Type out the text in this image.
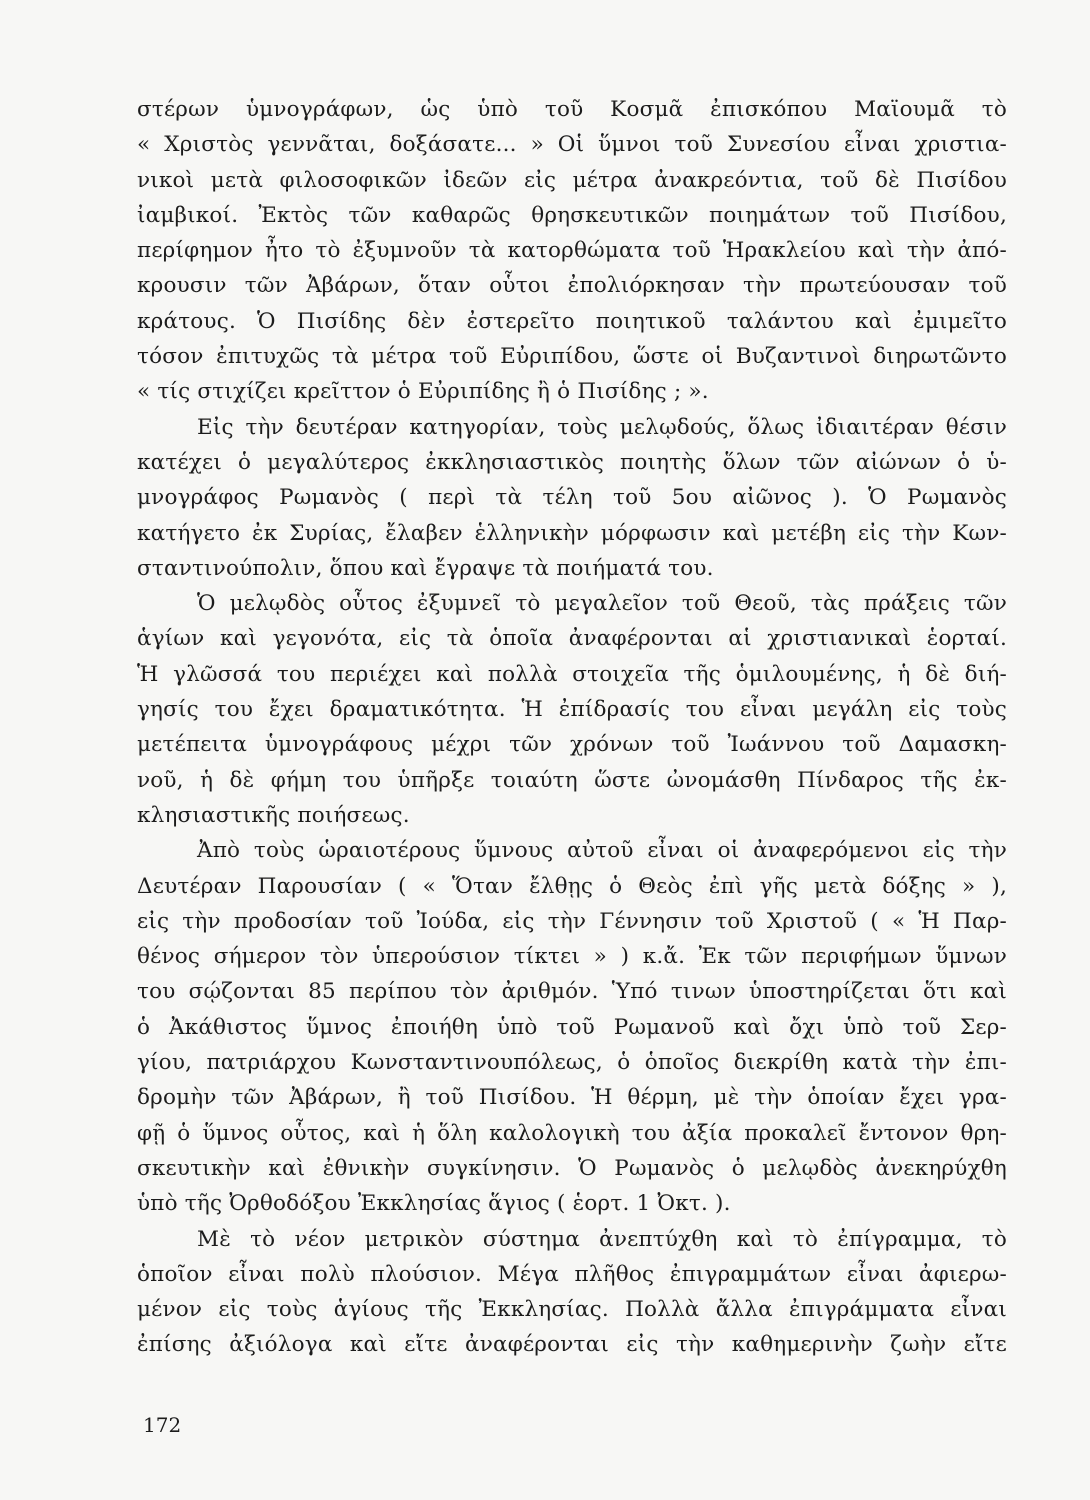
στέρων ὑμνογράφων, ὡς ὑπὸ τοῦ Κοσμᾶ ἐπισκόπου Μαϊουμᾶ τὸ
« Χριστὸς γεννᾶται, δοξάσατε... » Οἱ ὕμνοι τοῦ Συνεσίου εἶναι χριστια-
νικοὶ μετὰ φιλοσοφικῶν ἰδεῶν εἰς μέτρα ἀνακρεόντια, τοῦ δὲ Πισίδου
ἰαμβικοί. Ἐκτὸς τῶν καθαρῶς θρησκευτικῶν ποιημάτων τοῦ Πισίδου,
περίφημον ἦτο τὸ ἐξυμνοῦν τὰ κατορθώματα τοῦ Ἡρακλείου καὶ τὴν ἀπό-
κρουσιν τῶν Ἀβάρων, ὅταν οὗτοι ἐπολιόρκησαν τὴν πρωτεύουσαν τοῦ
κράτους. Ὁ Πισίδης δὲν ἐστερεῖτο ποιητικοῦ ταλάντου καὶ ἐμιμεῖτο
τόσον ἐπιτυχῶς τὰ μέτρα τοῦ Εὐριπίδου, ὥστε οἱ Βυζαντινοὶ διηρωτῶντο
« τίς στιχίζει κρεῖττον ὁ Εὐριπίδης ἢ ὁ Πισίδης ; ».
Εἰς τὴν δευτέραν κατηγορίαν, τοὺς μελῳδούς, ὅλως ἰδιαιτέραν θέσιν
κατέχει ὁ μεγαλύτερος ἐκκλησιαστικὸς ποιητὴς ὅλων τῶν αἰώνων ὁ ὑ-
μνογράφος Ρωμανὸς ( περὶ τὰ τέλη τοῦ 5ου αἰῶνος ). Ὁ Ρωμανὸς
κατήγετο ἐκ Συρίας, ἔλαβεν ἑλληνικὴν μόρφωσιν καὶ μετέβη εἰς τὴν Κων-
σταντινούπολιν, ὅπου καὶ ἔγραψε τὰ ποιήματά του.
Ὁ μελῳδὸς οὗτος ἐξυμνεῖ τὸ μεγαλεῖον τοῦ Θεοῦ, τὰς πράξεις τῶν
ἁγίων καὶ γεγονότα, εἰς τὰ ὁποῖα ἀναφέρονται αἱ χριστιανικαὶ ἑορταί.
Ἡ γλῶσσά του περιέχει καὶ πολλὰ στοιχεῖα τῆς ὁμιλουμένης, ἡ δὲ διή-
γησίς του ἔχει δραματικότητα. Ἡ ἐπίδρασίς του εἶναι μεγάλη εἰς τοὺς
μετέπειτα ὑμνογράφους μέχρι τῶν χρόνων τοῦ Ἰωάννου τοῦ Δαμασκη-
νοῦ, ἡ δὲ φήμη του ὑπῆρξε τοιαύτη ὥστε ὠνομάσθη Πίνδαρος τῆς ἐκ-
κλησιαστικῆς ποιήσεως.
Ἀπὸ τοὺς ὡραιοτέρους ὕμνους αὐτοῦ εἶναι οἱ ἀναφερόμενοι εἰς τὴν
Δευτέραν Παρουσίαν ( « Ὅταν ἔλθῃς ὁ Θεὸς ἐπὶ γῆς μετὰ δόξης » ),
εἰς τὴν προδοσίαν τοῦ Ἰούδα, εἰς τὴν Γέννησιν τοῦ Χριστοῦ ( « Ἡ Παρ-
θένος σήμερον τὸν ὑπερούσιον τίκτει » ) κ.ἄ. Ἐκ τῶν περιφήμων ὕμνων
του σῴζονται 85 περίπου τὸν ἀριθμόν. Ὑπό τινων ὑποστηρίζεται ὅτι καὶ
ὁ Ἀκάθιστος ὕμνος ἐποιήθη ὑπὸ τοῦ Ρωμανοῦ καὶ ὄχι ὑπὸ τοῦ Σερ-
γίου, πατριάρχου Κωνσταντινουπόλεως, ὁ ὁποῖος διεκρίθη κατὰ τὴν ἐπι-
δρομὴν τῶν Ἀβάρων, ἢ τοῦ Πισίδου. Ἡ θέρμη, μὲ τὴν ὁποίαν ἔχει γρα-
φῇ ὁ ὕμνος οὗτος, καὶ ἡ ὅλη καλολογικὴ του ἀξία προκαλεῖ ἔντονον θρη-
σκευτικὴν καὶ ἐθνικὴν συγκίνησιν. Ὁ Ρωμανὸς ὁ μελῳδὸς ἀνεκηρύχθη
ὑπὸ τῆς Ὀρθοδόξου Ἐκκλησίας ἅγιος ( ἑορτ. 1 Ὀκτ. ).
Μὲ τὸ νέον μετρικὸν σύστημα ἀνεπτύχθη καὶ τὸ ἐπίγραμμα, τὸ
ὁποῖον εἶναι πολὺ πλούσιον. Μέγα πλῆθος ἐπιγραμμάτων εἶναι ἀφιερω-
μένον εἰς τοὺς ἁγίους τῆς Ἐκκλησίας. Πολλὰ ἄλλα ἐπιγράμματα εἶναι
ἐπίσης ἀξιόλογα καὶ εἴτε ἀναφέρονται εἰς τὴν καθημερινὴν ζωὴν εἴτε
172
